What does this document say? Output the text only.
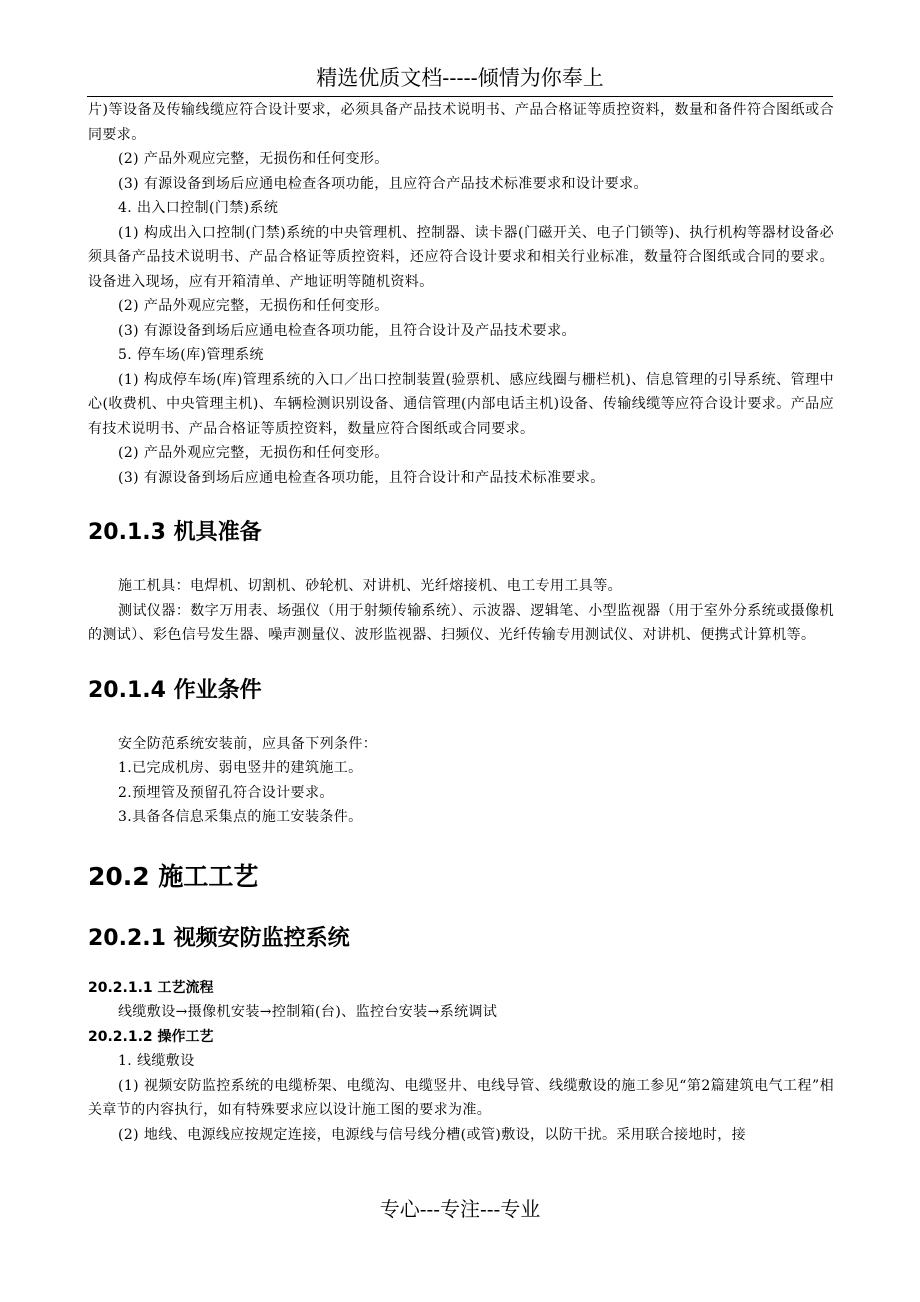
精选优质文档-----倾情为你奉上

片)等设备及传输线缆应符合设计要求，必须具备产品技术说明书、产品合格证等质控资料，数量和备件符合图纸或合同要求。

(2) 产品外观应完整，无损伤和任何变形。

(3) 有源设备到场后应通电检查各项功能，且应符合产品技术标准要求和设计要求。

4. 出入口控制(门禁)系统

(1) 构成出入口控制(门禁)系统的中央管理机、控制器、读卡器(门磁开关、电子门锁等)、执行机构等器材设备必须具备产品技术说明书、产品合格证等质控资料，还应符合设计要求和相关行业标准，数量符合图纸或合同的要求。设备进入现场，应有开箱清单、产地证明等随机资料。

(2) 产品外观应完整，无损伤和任何变形。

(3) 有源设备到场后应通电检查各项功能，且符合设计及产品技术要求。

5. 停车场(库)管理系统

(1) 构成停车场(库)管理系统的入口／出口控制装置(验票机、感应线圈与栅栏机)、信息管理的引导系统、管理中心(收费机、中央管理主机)、车辆检测识别设备、通信管理(内部电话主机)设备、传输线缆等应符合设计要求。产品应有技术说明书、产品合格证等质控资料，数量应符合图纸或合同要求。

(2) 产品外观应完整，无损伤和任何变形。

(3) 有源设备到场后应通电检查各项功能，且符合设计和产品技术标准要求。

20.1.3 机具准备

施工机具：电焊机、切割机、砂轮机、对讲机、光纤熔接机、电工专用工具等。

测试仪器：数字万用表、场强仪（用于射频传输系统）、示波器、逻辑笔、小型监视器（用于室外分系统或摄像机的测试）、彩色信号发生器、噪声测量仪、波形监视器、扫频仪、光纤传输专用测试仪、对讲机、便携式计算机等。

20.1.4 作业条件

安全防范系统安装前，应具备下列条件：

1.已完成机房、弱电竖井的建筑施工。

2.预埋管及预留孔符合设计要求。

3.具备各信息采集点的施工安装条件。

20.2 施工工艺
20.2.1 视频安防监控系统

20.2.1.1 工艺流程

线缆敷设→摄像机安装→控制箱(台)、监控台安装→系统调试

20.2.1.2 操作工艺

1. 线缆敷设

(1) 视频安防监控系统的电缆桥架、电缆沟、电缆竖井、电线导管、线缆敷设的施工参见“第2篇建筑电气工程”相关章节的内容执行，如有特殊要求应以设计施工图的要求为准。

(2) 地线、电源线应按规定连接，电源线与信号线分槽(或管)敷设，以防干扰。采用联合接地时，接

专心---专注---专业
